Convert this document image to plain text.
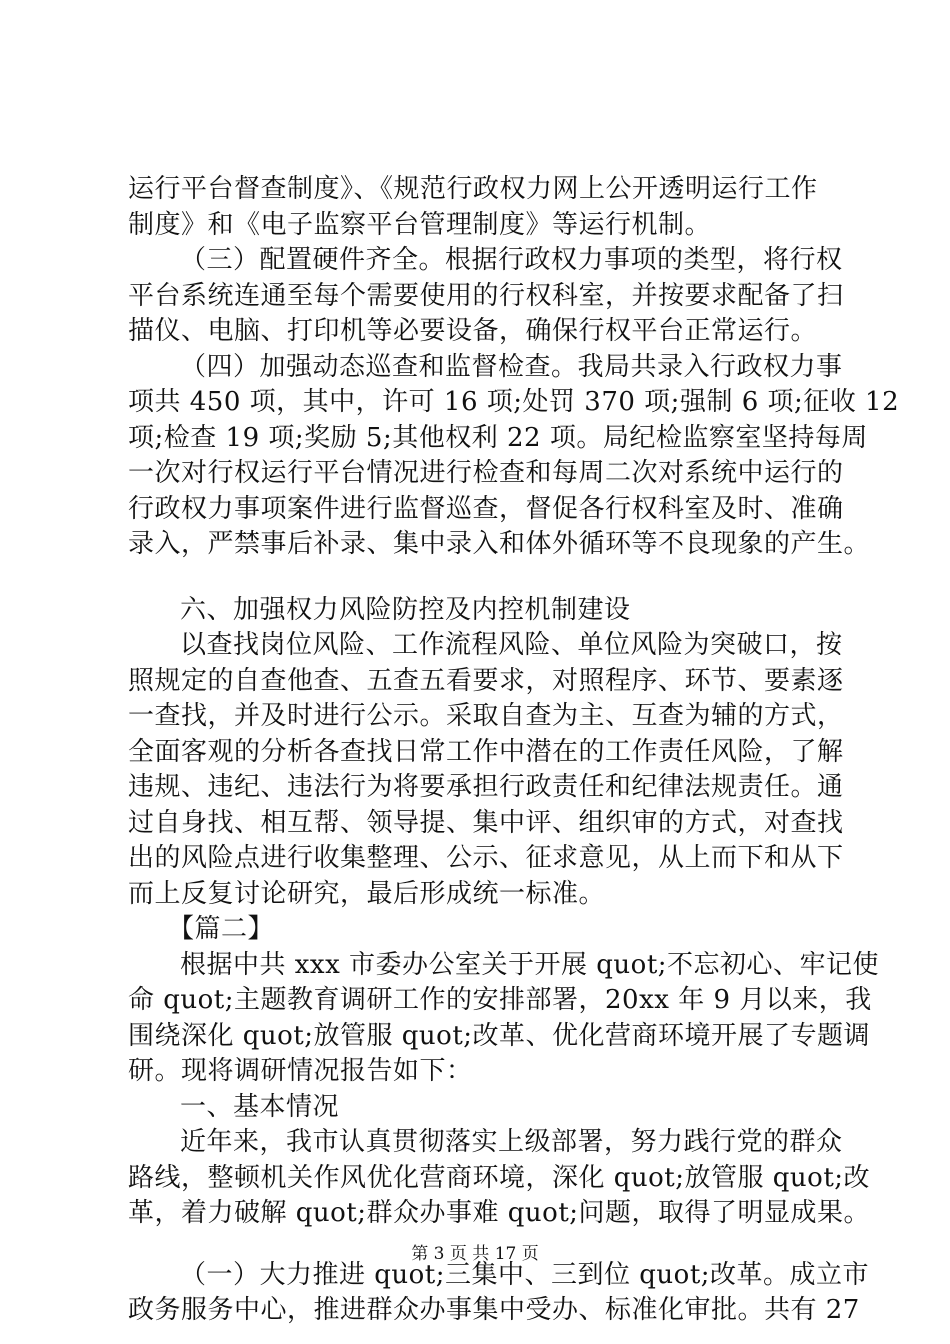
运行平台督查制度》、《规范行政权力网上公开透明运行工作
制度》和《电子监察平台管理制度》等运行机制。
（三）配置硬件齐全。根据行政权力事项的类型，将行权
平台系统连通至每个需要使用的行权科室，并按要求配备了扫
描仪、电脑、打印机等必要设备，确保行权平台正常运行。
（四）加强动态巡查和监督检查。我局共录入行政权力事
项共 450 项，其中，许可 16 项;处罚 370 项;强制 6 项;征收 12
项;检查 19 项;奖励 5;其他权利 22 项。局纪检监察室坚持每周
一次对行权运行平台情况进行检查和每周二次对系统中运行的
行政权力事项案件进行监督巡查，督促各行权科室及时、准确
录入，严禁事后补录、集中录入和体外循环等不良现象的产生。
六、加强权力风险防控及内控机制建设
以查找岗位风险、工作流程风险、单位风险为突破口，按
照规定的自查他查、五查五看要求，对照程序、环节、要素逐
一查找，并及时进行公示。采取自查为主、互查为辅的方式，
全面客观的分析各查找日常工作中潜在的工作责任风险，了解
违规、违纪、违法行为将要承担行政责任和纪律法规责任。通
过自身找、相互帮、领导提、集中评、组织审的方式，对查找
出的风险点进行收集整理、公示、征求意见，从上而下和从下
而上反复讨论研究，最后形成统一标准。
【篇二】
根据中共 xxx 市委办公室关于开展 quot;不忘初心、牢记使
命 quot;主题教育调研工作的安排部署，20xx 年 9 月以来，我
围绕深化 quot;放管服 quot;改革、优化营商环境开展了专题调
研。现将调研情况报告如下：
一、基本情况
近年来，我市认真贯彻落实上级部署，努力践行党的群众
路线，整顿机关作风优化营商环境，深化 quot;放管服 quot;改
革，着力破解 quot;群众办事难 quot;问题，取得了明显成果。
（一）大力推进 quot;三集中、三到位 quot;改革。成立市
政务服务中心，推进群众办事集中受办、标准化审批。共有 27
第 3 页 共 17 页
